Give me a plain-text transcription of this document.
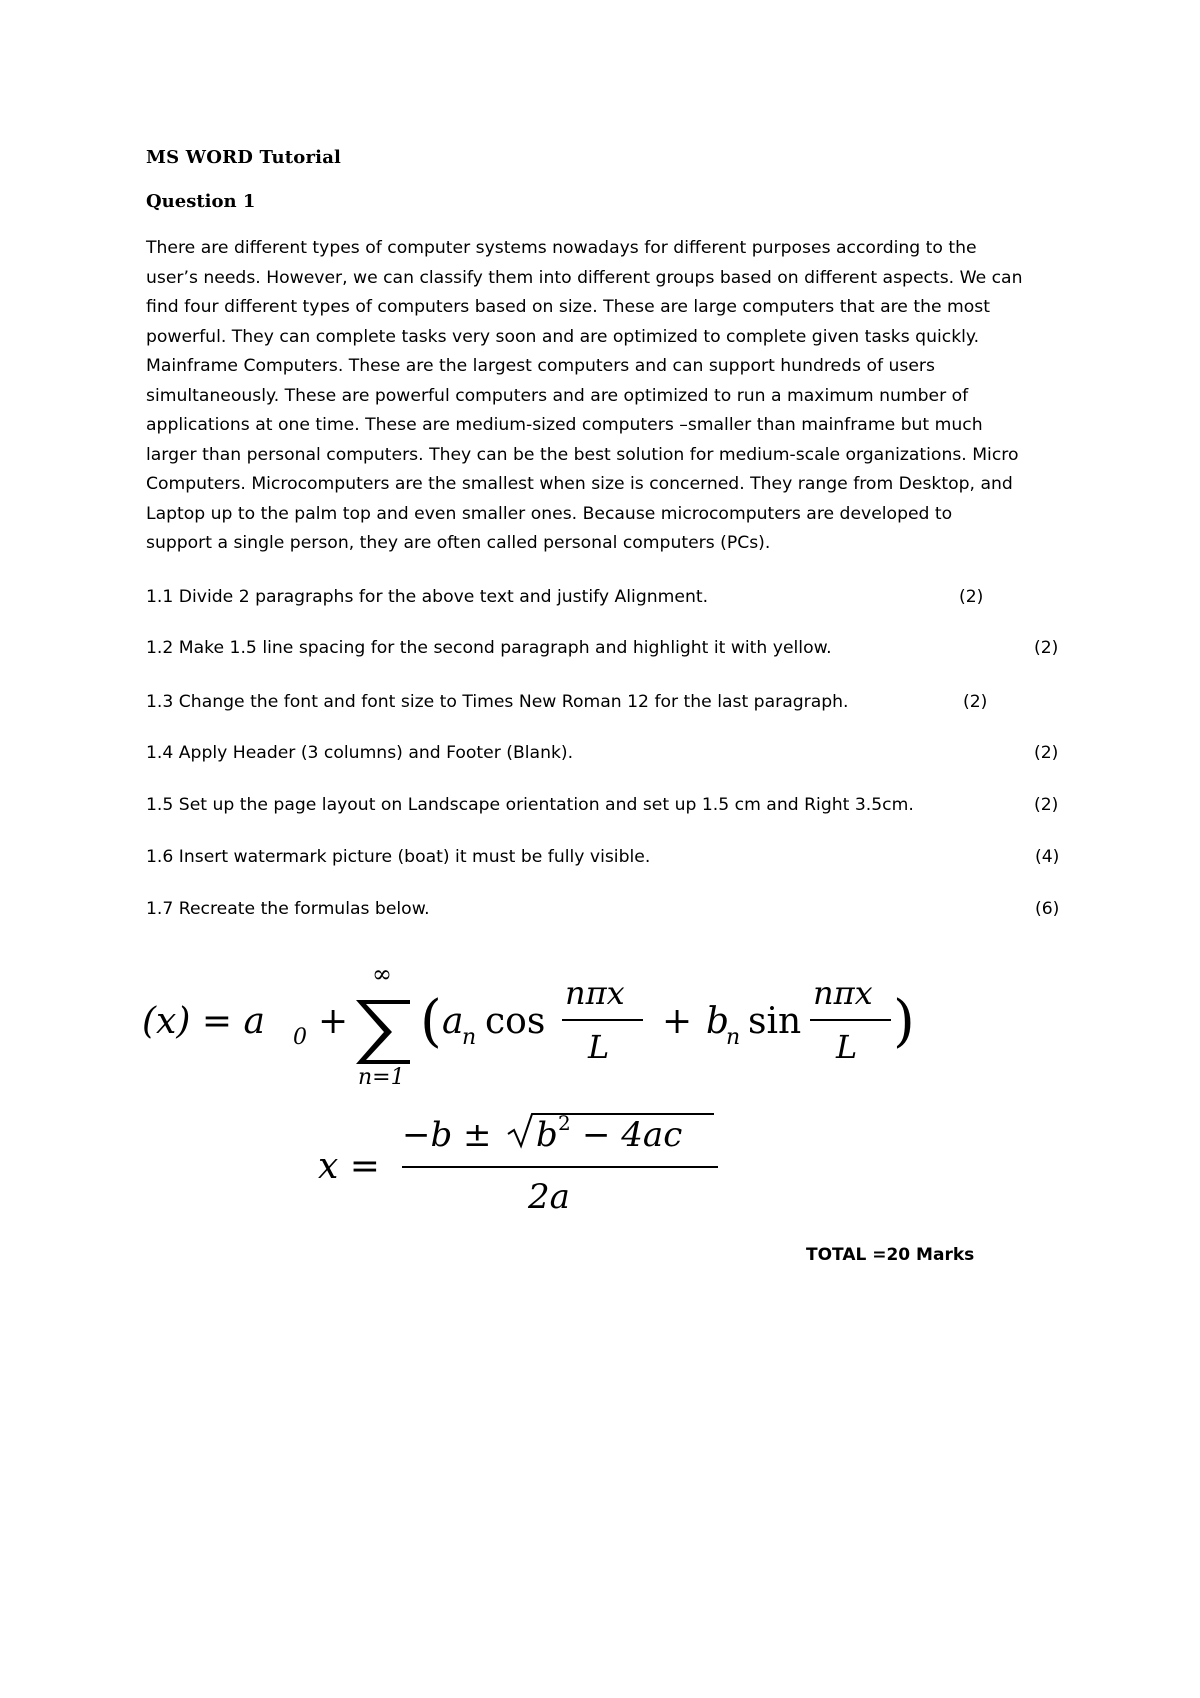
MS WORD Tutorial
Question 1
There are different types of computer systems nowadays for different purposes according to the
user’s needs. However, we can classify them into different groups based on different aspects. We can
find four different types of computers based on size. These are large computers that are the most
powerful. They can complete tasks very soon and are optimized to complete given tasks quickly.
Mainframe Computers. These are the largest computers and can support hundreds of users
simultaneously. These are powerful computers and are optimized to run a maximum number of
applications at one time. These are medium-sized computers –smaller than mainframe but much
larger than personal computers. They can be the best solution for medium-scale organizations. Micro
Computers. Microcomputers are the smallest when size is concerned. They range from Desktop, and
Laptop up to the palm top and even smaller ones. Because microcomputers are developed to
support a single person, they are often called personal computers (PCs).
1.1 Divide 2 paragraphs for the above text and justify Alignment.	(2)
1.2 Make 1.5 line spacing for the second paragraph and highlight it with yellow.	(2)
1.3 Change the font and font size to Times New Roman 12 for the last paragraph.	(2)
1.4 Apply Header (3 columns) and Footer (Blank).	(2)
1.5 Set up the page layout on Landscape orientation and set up 1.5 cm and Right 3.5cm.	(2)
1.6 Insert watermark picture (boat) it must be fully visible.	(4)
1.7 Recreate the formulas below.	(6)
(x) = a 0 +
∞
n=1
( a
n cos
nπx
L
+ b
n sin
nπx
L )
x =
−b ± b 2 − 4ac
2a
TOTAL =20 Marks
